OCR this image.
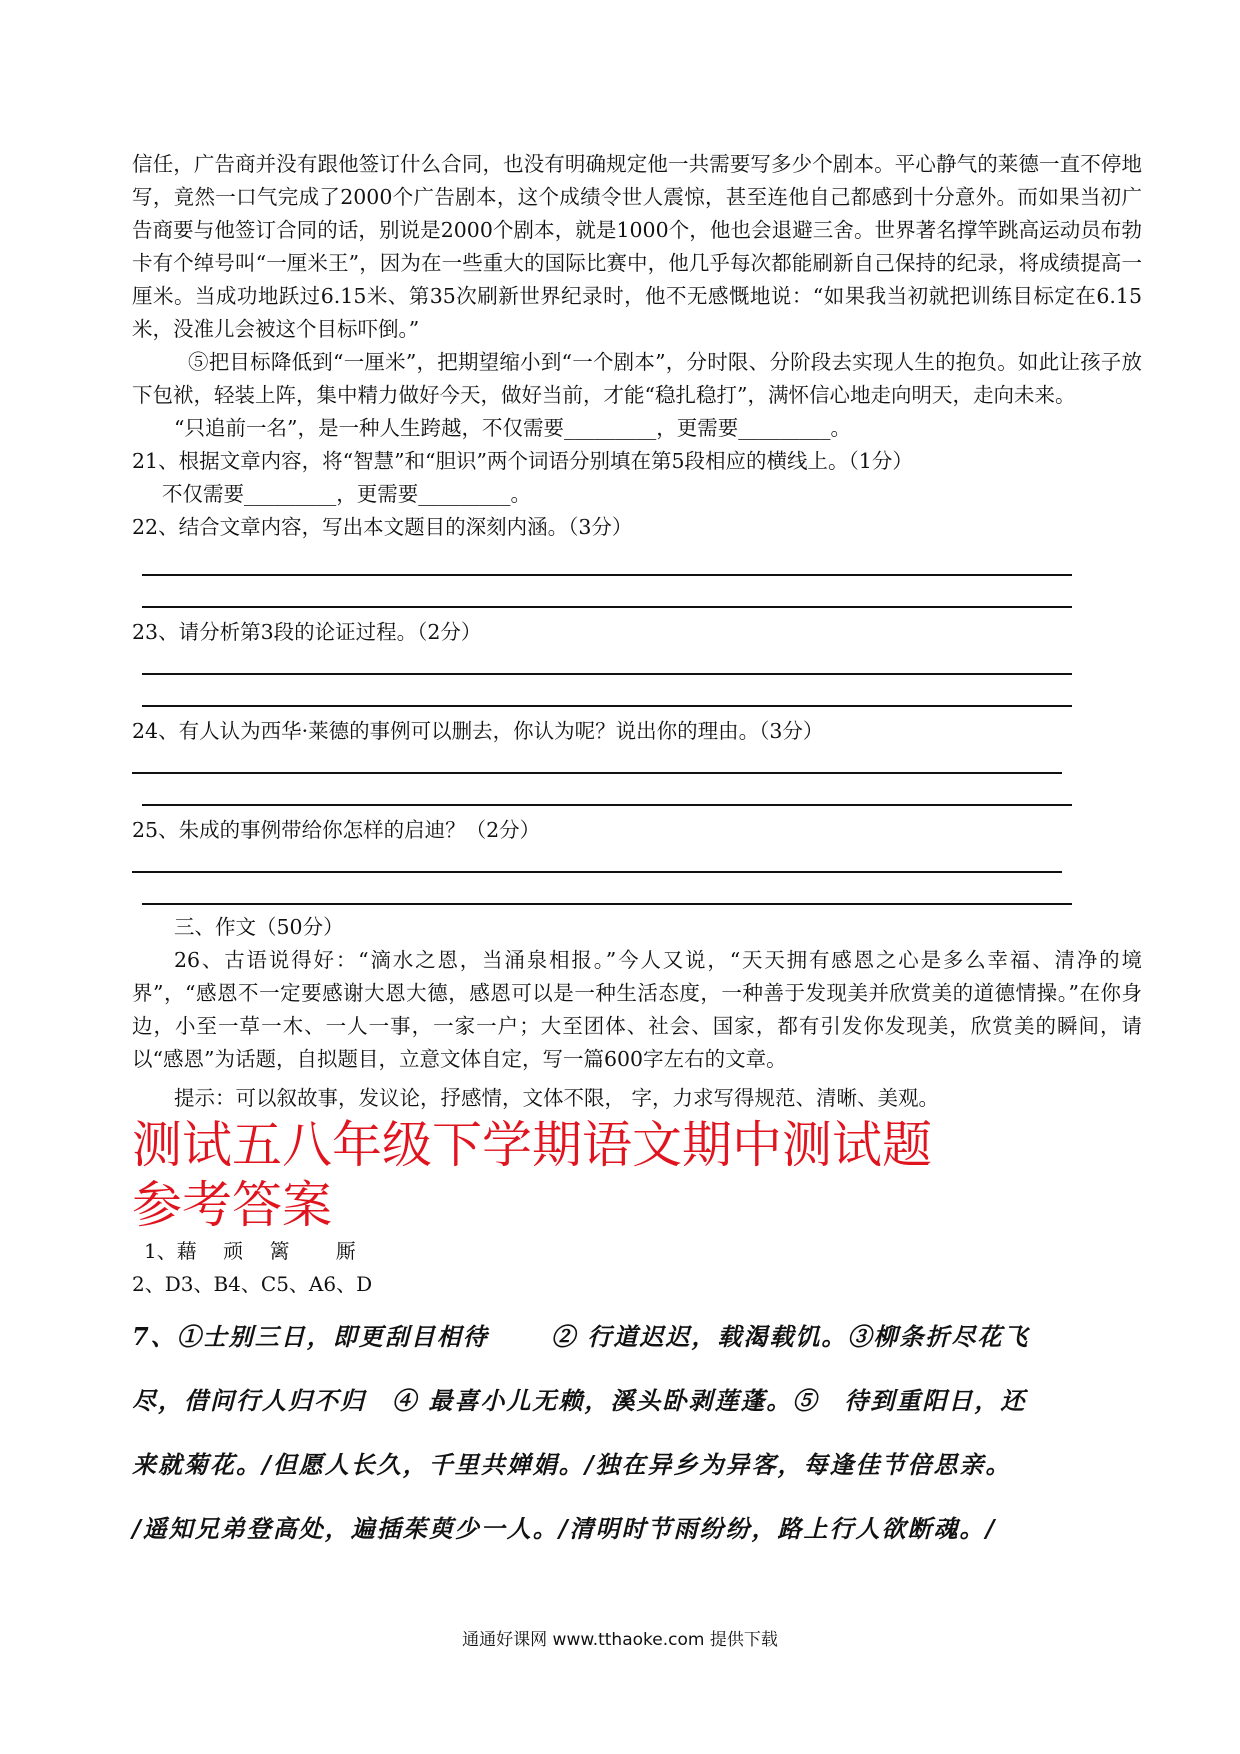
信任，广告商并没有跟他签订什么合同，也没有明确规定他一共需要写多少个剧本。平心静气的莱德一直不停地写，竟然一口气完成了2000个广告剧本，这个成绩令世人震惊，甚至连他自己都感到十分意外。而如果当初广告商要与他签订合同的话，别说是2000个剧本，就是1000个，他也会退避三舍。世界著名撑竿跳高运动员布勃卡有个绰号叫“一厘米王”，因为在一些重大的国际比赛中，他几乎每次都能刷新自己保持的纪录，将成绩提高一厘米。当成功地跃过6.15米、第35次刷新世界纪录时，他不无感慨地说：“如果我当初就把训练目标定在6.15米，没准儿会被这个目标吓倒。”

⑤把目标降低到“一厘米”，把期望缩小到“一个剧本”，分时限、分阶段去实现人生的抱负。如此让孩子放下包袱，轻装上阵，集中精力做好今天，做好当前，才能“稳扎稳打”，满怀信心地走向明天，走向未来。

“只追前一名”，是一种人生跨越，不仅需要_________，更需要_________。

21、根据文章内容，将“智慧”和“胆识”两个词语分别填在第5段相应的横线上。（1分）

不仅需要_________，更需要_________。

22、结合文章内容，写出本文题目的深刻内涵。（3分）

23、请分析第3段的论证过程。（2分）

24、有人认为西华·莱德的事例可以删去，你认为呢？说出你的理由。（3分）

25、朱成的事例带给你怎样的启迪？（2分）

三、作文（50分）

26、古语说得好：“滴水之恩，当涌泉相报。”今人又说，“天天拥有感恩之心是多么幸福、清净的境界”，“感恩不一定要感谢大恩大德，感恩可以是一种生活态度，一种善于发现美并欣赏美的道德情操。”在你身边，小至一草一木、一人一事，一家一户；大至团体、社会、国家，都有引发你发现美，欣赏美的瞬间，请以“感恩”为话题，自拟题目，立意文体自定，写一篇600字左右的文章。

提示：可以叙故事，发议论，抒感情，文体不限， 字，力求写得规范、清晰、美观。

测试五八年级下学期语文期中测试题
参考答案

1、藉　 顽　 篱　　 厮

2、D3、B4、C5、A6、D

7、①士别三日，即更刮目相待　　 ② 行道迟迟，载渴载饥。③柳条折尽花飞

尽，借问行人归不归　④ 最喜小儿无赖，溪头卧剥莲蓬。⑤　待到重阳日，还

来就菊花。/但愿人长久，千里共婵娟。/独在异乡为异客，每逢佳节倍思亲。

/遥知兄弟登高处，遍插茱萸少一人。/清明时节雨纷纷，路上行人欲断魂。/

通通好课网 www.tthaoke.com 提供下载
